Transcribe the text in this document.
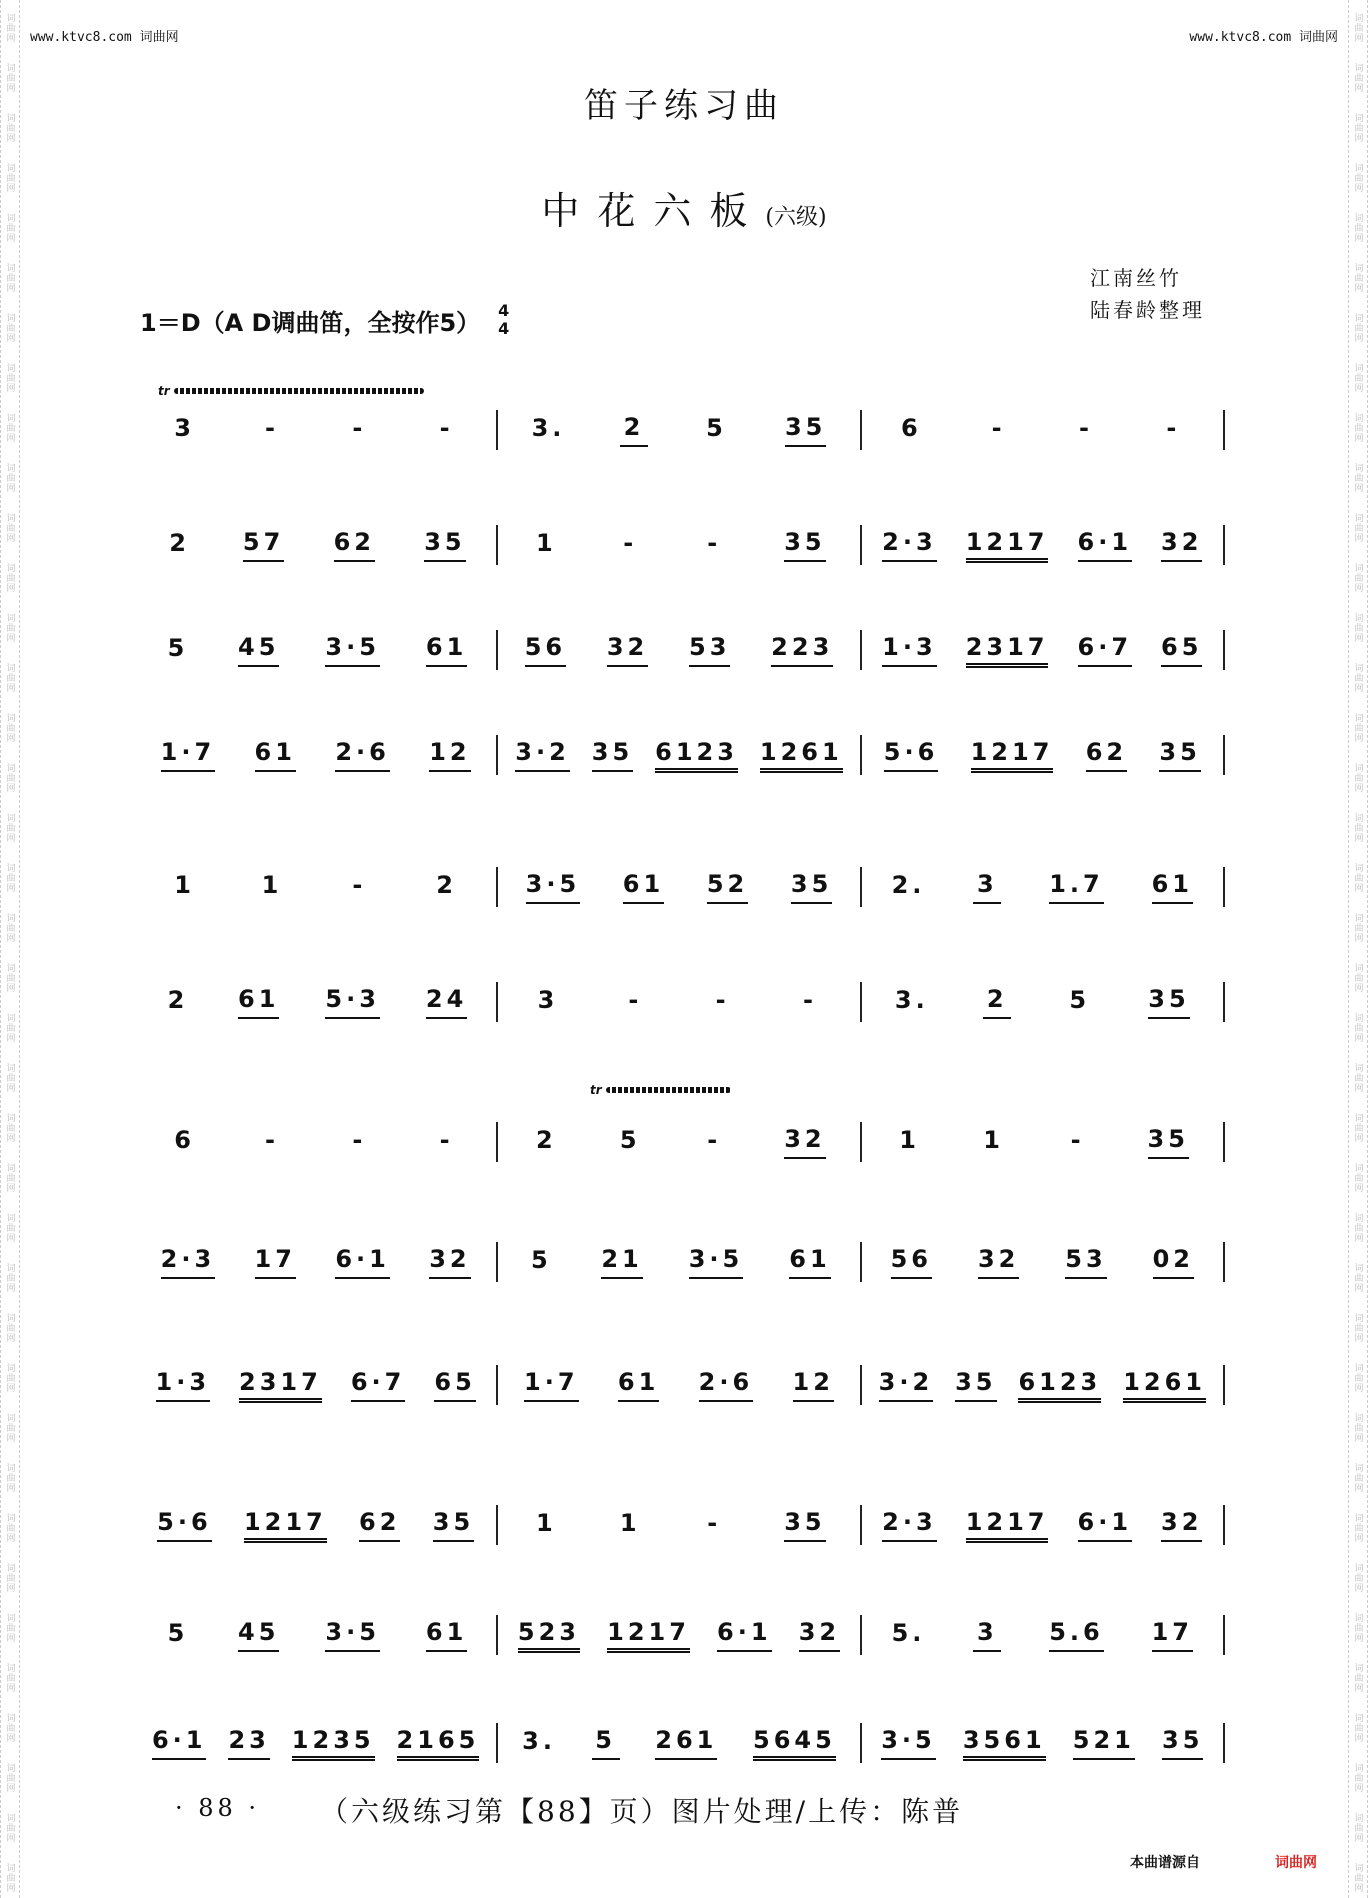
词曲网
词曲网
词曲网
词曲网
词曲网
词曲网
词曲网
词曲网
词曲网
词曲网
词曲网
词曲网
词曲网
词曲网
词曲网
词曲网
词曲网
词曲网
词曲网
词曲网
词曲网
词曲网
词曲网
词曲网
词曲网
词曲网
词曲网
词曲网
词曲网
词曲网
词曲网
词曲网
词曲网
词曲网
词曲网
词曲网
词曲网
词曲网
词曲网
词曲网
词曲网
词曲网
词曲网
词曲网
词曲网
词曲网
词曲网
词曲网
词曲网
词曲网
词曲网
词曲网
词曲网
词曲网
词曲网
词曲网
词曲网
词曲网
词曲网
词曲网
词曲网
词曲网
词曲网
词曲网
词曲网
词曲网
词曲网
词曲网
词曲网
词曲网
词曲网
词曲网
词曲网
词曲网
词曲网
词曲网
www.ktvc8.com 词曲网	www.ktvc8.com 词曲网
笛子练习曲
中花六板(六级)
江南丝竹
陆春龄整理
1＝D（A D调曲笛，全按作5） 4
4
tr
tr
3	-	-	-	3. 2	5 35	6	-	-	-
2 57 62 35	1	-	-	35 2·3 1217 6·1 32
5 45 3·5 61 56 32 53 223 1·3 2317 6·7 65
1·7 61 2·6 12 3·2 35 6123 1261 5·6 1217 62 35
1	1	-	2	3·5 61 52 35 2. 3 1.7 61
2 61 5·3 24	3	-	-	-	3. 2	5 35
6	-	-	-	2	5	-	32	1	1	-	35
2·3 17 6·1 32	5 21 3·5 61 56 32 53 02
1·3 2317 6·7 65 1·7 61 2·6 12 3·2 35 6123 1261
5·6 1217 62 35	1	1	-	35 2·3 1217 6·1 32
5 45 3·5 61 523 1217 6·1 32 5. 3 5.6 17
6·1 23 1235 2165 3. 5 261 5645 3·5 3561 521 35
· 88 · （六级练习第【88】页）图片处理/上传：陈普
本曲谱源自	词曲网
